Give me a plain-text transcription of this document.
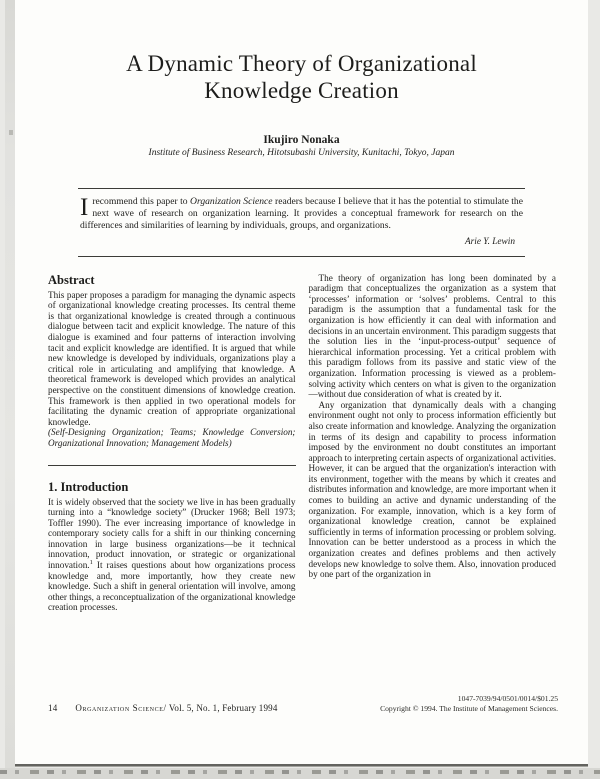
A Dynamic Theory of Organizational
Knowledge Creation
Ikujiro Nonaka
Institute of Business Research, Hitotsubashi University, Kunitachi, Tokyo, Japan
Irecommend this paper to Organization Science readers because I believe that it has the potential to stimulate the next wave of research on organization learning. It provides a conceptual framework for research on the differences and similarities of learning by individuals, groups, and organizations.
Arie Y. Lewin
Abstract
This paper proposes a paradigm for managing the dynamic aspects of organizational knowledge creating processes. Its central theme is that organizational knowledge is created through a continuous dialogue between tacit and explicit knowledge. The nature of this dialogue is examined and four patterns of interaction involving tacit and explicit knowledge are identified. It is argued that while new knowledge is developed by individuals, organizations play a critical role in articulating and amplifying that knowledge. A theoretical framework is developed which provides an analytical perspective on the constituent dimensions of knowledge creation. This framework is then applied in two operational models for facilitating the dynamic creation of appropriate organizational knowledge.
(Self-Designing Organization; Teams; Knowledge Conversion; Organizational Innovation; Management Models)
1. Introduction
It is widely observed that the society we live in has been gradually turning into a “knowledge society” (Drucker 1968; Bell 1973; Toffler 1990). The ever increasing importance of knowledge in contemporary society calls for a shift in our thinking concerning innovation in large business organizations—be it technical innovation, product innovation, or strategic or organizational innovation.$^1$ It raises questions about how organizations process knowledge and, more importantly, how they create new knowledge. Such a shift in general orientation will involve, among other things, a reconceptualization of the organizational knowledge creation processes.
The theory of organization has long been dominated by a paradigm that conceptualizes the organization as a system that ‘processes’ information or ‘solves’ problems. Central to this paradigm is the assumption that a fundamental task for the organization is how efficiently it can deal with information and decisions in an uncertain environment. This paradigm suggests that the solution lies in the ‘input-process-output’ sequence of hierarchical information processing. Yet a critical problem with this paradigm follows from its passive and static view of the organization. Information processing is viewed as a problem-solving activity which centers on what is given to the organization—without due consideration of what is created by it.
Any organization that dynamically deals with a changing environment ought not only to process information efficiently but also create information and knowledge. Analyzing the organization in terms of its design and capability to process information imposed by the environment no doubt constitutes an important approach to interpreting certain aspects of organizational activities. However, it can be argued that the organization's interaction with its environment, together with the means by which it creates and distributes information and knowledge, are more important when it comes to building an active and dynamic understanding of the organization. For example, innovation, which is a key form of organizational knowledge creation, cannot be explained sufficiently in terms of information processing or problem solving. Innovation can be better understood as a process in which the organization creates and defines problems and then actively develops new knowledge to solve them. Also, innovation produced by one part of the organization in
14 Organization Science/ Vol. 5, No. 1, February 1994
1047-7039/94/0501/0014/$01.25
Copyright © 1994. The Institute of Management Sciences.
